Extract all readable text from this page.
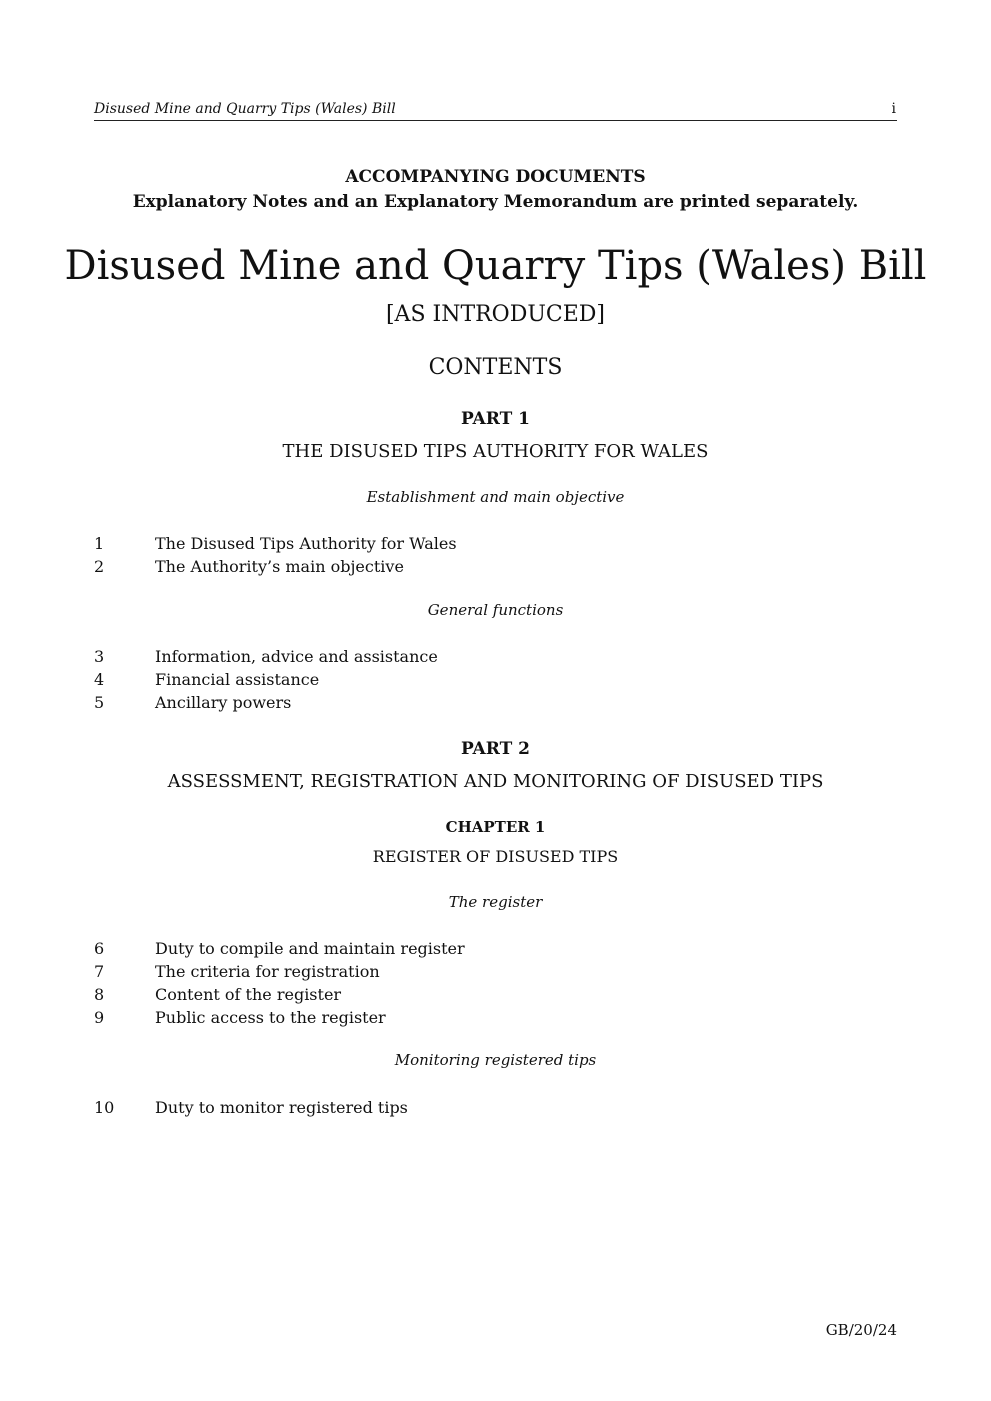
Disused Mine and Quarry Tips (Wales) Bill	i
ACCOMPANYING DOCUMENTS
Explanatory Notes and an Explanatory Memorandum are printed separately.
Disused Mine and Quarry Tips (Wales) Bill
[AS INTRODUCED]
CONTENTS
PART 1
THE DISUSED TIPS AUTHORITY FOR WALES
Establishment and main objective
1	The Disused Tips Authority for Wales
2	The Authority’s main objective
General functions
3	Information, advice and assistance
4	Financial assistance
5	Ancillary powers
PART 2
ASSESSMENT, REGISTRATION AND MONITORING OF DISUSED TIPS
CHAPTER 1
REGISTER OF DISUSED TIPS
The register
6	Duty to compile and maintain register
7	The criteria for registration
8	Content of the register
9	Public access to the register
Monitoring registered tips
10	Duty to monitor registered tips
GB/20/24
